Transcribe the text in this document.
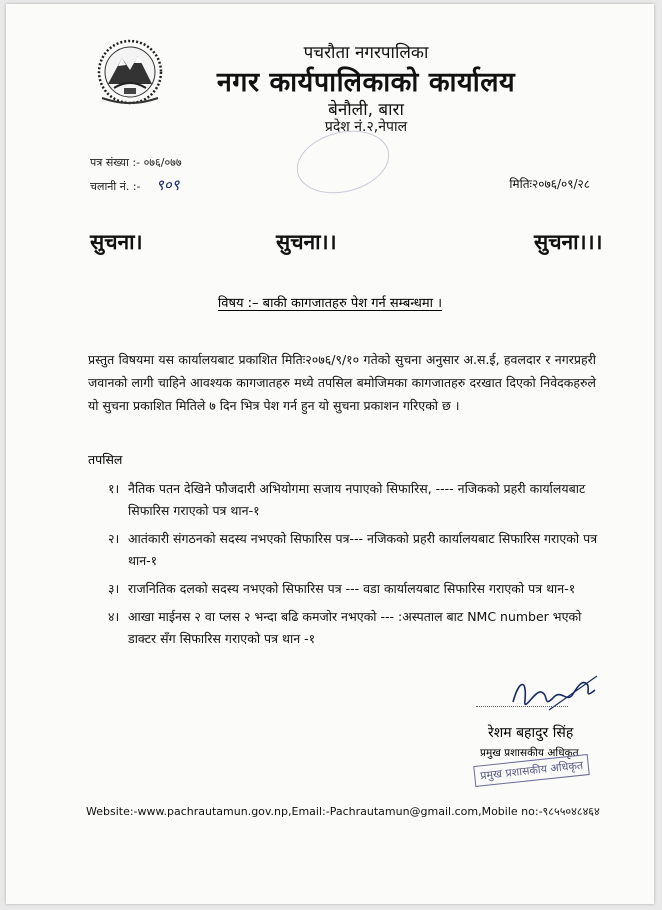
पचरौता नगरपालिका
नगर कार्यपालिकाको कार्यालय
बेनौली, बारा
प्रदेश नं.२,नेपाल
पत्र संख्या :- ०७६/०७७
चलानी नं. :- ९०९	मितिः२०७६/०९/२८
सुचना।	सुचना।।	सुचना।।।
विषय :– बाकी कागजातहरु पेश गर्न सम्बन्धमा ।
प्रस्तुत विषयमा यस कार्यालयबाट प्रकाशित मितिः२०७६/९/१० गतेको सुचना अनुसार अ.स.ई, हवलदार र नगरप्रहरी जवानको लागी चाहिने आवश्यक कागजातहरु मध्ये तपसिल बमोजिमका कागजातहरु दरखात दिएको निवेदकहरुले यो सुचना प्रकाशित मितिले ७ दिन भित्र पेश गर्न हुन यो सुचना प्रकाशन गरिएको छ ।
तपसिल
१। नैतिक पतन देखिने फौजदारी अभियोगमा सजाय नपाएको सिफारिस, ---- नजिकको प्रहरी कार्यालयबाट सिफारिस गराएको पत्र थान-१
२। आतंकारी संगठनको सदस्य नभएको सिफारिस पत्र--- नजिकको प्रहरी कार्यालयबाट सिफारिस गराएको पत्र थान-१
३। राजनितिक दलको सदस्य नभएको सिफारिस पत्र --- वडा कार्यालयबाट सिफारिस गराएको पत्र थान-१
४। आखा माईनस २ वा प्लस २ भन्दा बढि कमजोर नभएको --- :अस्पताल बाट NMC number भएको डाक्टर सँग सिफारिस गराएको पत्र थान -१
रेशम बहादुर सिंह
प्रमुख प्रशासकीय अधिकृत
प्रमुख प्रशासकीय अधिकृत
Website:-www.pachrautamun.gov.np,Email:-Pachrautamun@gmail.com,Mobile no:-९८५५०४८४६४
